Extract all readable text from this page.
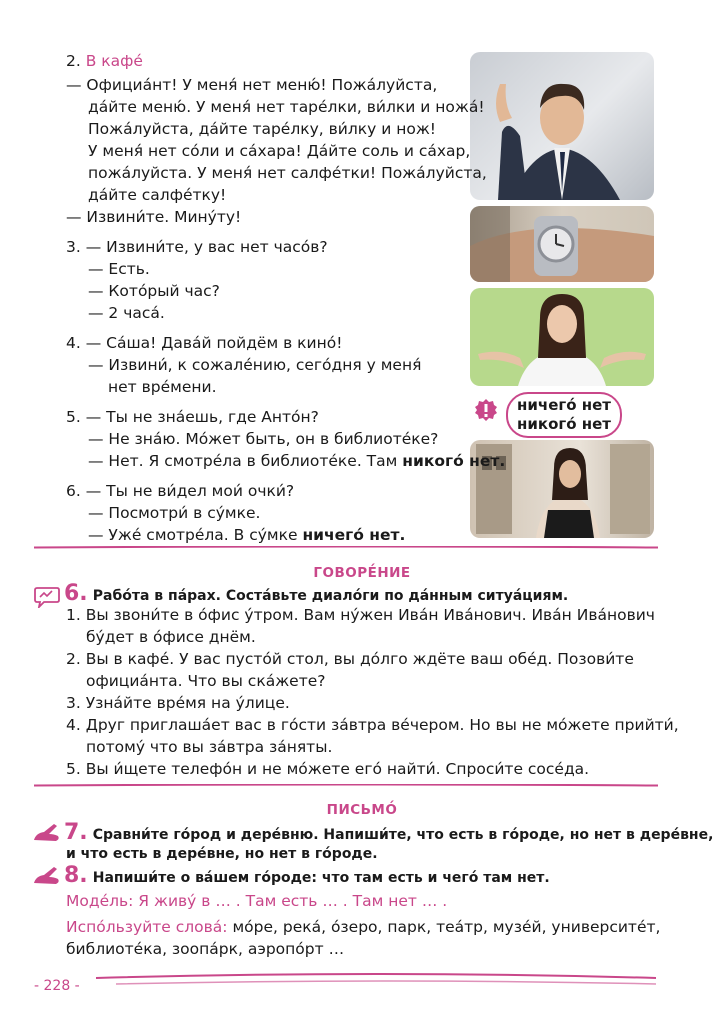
ничего́ нет
никого́ нет
2. В кафе́
— Официа́нт! У меня́ нет меню́! Пожа́луйста,
да́йте меню́. У меня́ нет таре́лки, ви́лки и ножа́!
Пожа́луйста, да́йте таре́лку, ви́лку и нож!
У меня́ нет со́ли и са́хара! Да́йте соль и са́хар,
пожа́луйста. У меня́ нет салфе́тки! Пожа́луйста,
да́йте салфе́тку!
— Извини́те. Мину́ту!
3. — Извини́те, у вас нет часо́в?
— Есть.
— Кото́рый час?
— 2 часа́.
4. — Са́ша! Дава́й пойдём в кино́!
— Извини́, к сожале́нию, сего́дня у меня́
нет вре́мени.
5. — Ты не зна́ешь, где Анто́н?
— Не зна́ю. Мо́жет быть, он в библиоте́ке?
— Нет. Я смотре́ла в библиоте́ке. Там никого́ нет.
6. — Ты не ви́дел мои́ очки́?
— Посмотри́ в су́мке.
— Уже́ смотре́ла. В су́мке ничего́ нет.
ГОВОРЕ́НИЕ
6. Рабо́та в па́рах. Соста́вьте диало́ги по да́нным ситуа́циям.
1. Вы звони́те в о́фис у́тром. Вам ну́жен Ива́н Ива́нович. Ива́н Ива́нович
бу́дет в о́фисе днём.
2. Вы в кафе́. У вас пусто́й стол, вы до́лго ждёте ваш обе́д. Позови́те
официа́нта. Что вы ска́жете?
3. Узна́йте вре́мя на у́лице.
4. Друг приглаша́ет вас в го́сти за́втра ве́чером. Но вы не мо́жете прийти́,
потому́ что вы за́втра за́няты.
5. Вы и́щете телефо́н и не мо́жете его́ найти́. Спроси́те сосе́да.
ПИСЬМО́
7. Сравни́те го́род и дере́вню. Напиши́те, что есть в го́роде, но нет в дере́вне,
и что есть в дере́вне, но нет в го́роде.
8. Напиши́те о ва́шем го́роде: что там есть и чего́ там нет.
Моде́ль: Я живу́ в … . Там есть … . Там нет … .
Испо́льзуйте слова́: мо́ре, река́, о́зеро, парк, теа́тр, музе́й, университе́т,
библиоте́ка, зоопа́рк, аэропо́рт …
- 228 -
